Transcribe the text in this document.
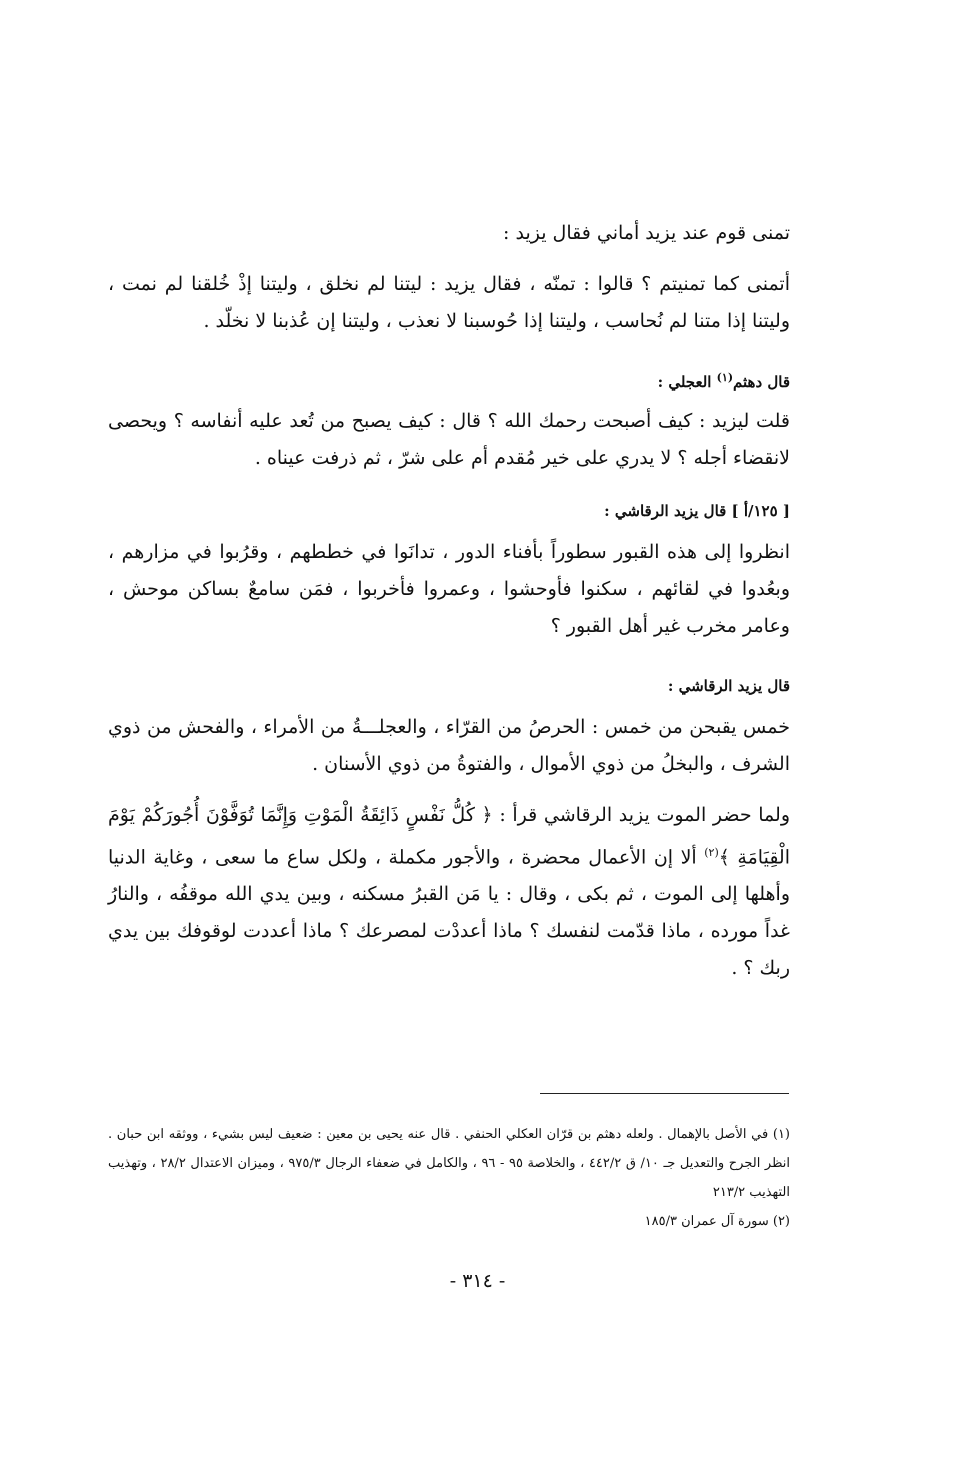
تمنى قوم عند يزيد أماني فقال يزيد :

أتمنى كما تمنيتم ؟ قالوا : تمنّه ، فقال يزيد : ليتنا لم نخلق ، وليتنا إذْ خُلقنا لم نمت ، وليتنا إذا متنا لم نُحاسب ، وليتنا إذا حُوسبنا لا نعذب ، وليتنا إن عُذبنا لا نخلّد .

قال دهثم$^{(١)}$ العجلي :

قلت ليزيد : كيف أصبحت رحمك الله ؟ قال : كيف يصبح من تُعد عليه أنفاسه ؟ ويحصى لانقضاء أجله ؟ لا يدري على خير مُقدم أم على شرّ ، ثم ذرفت عيناه .

[ ١٢٥/أ ] قال يزيد الرقاشي :

انظروا إلى هذه القبور سطوراً بأفناء الدور ، تدانَوا في خططهم ، وقرُبوا في مزارهم ، وبعُدوا في لقائهم ، سكنوا فأوحشوا ، وعمروا فأخربوا ، فمَن سامعٌ بساكن موحش ، وعامر مخرب غير أهل القبور ؟

قال يزيد الرقاشي :

خمس يقبحن من خمس : الحرصُ من القرّاء ، والعجلـــةُ من الأمراء ، والفحش من ذوي الشرف ، والبخلُ من ذوي الأموال ، والفتوةُ من ذوي الأسنان .

ولما حضر الموت يزيد الرقاشي قرأ : ﴿ كُلُّ نَفْسٍ ذَائِقَةُ الْمَوْتِ وَإِنَّمَا تُوَفَّوْنَ أُجُورَكُمْ يَوْمَ الْقِيَامَةِ ﴾$^{(٢)}$ ألا إن الأعمال محضرة ، والأجور مكملة ، ولكل ساع ما سعى ، وغاية الدنيا وأهلها إلى الموت ، ثم بكى ، وقال : يا مَن القبرُ مسكنه ، وبين يدي الله موقفُه ، والنارُ غداً مورده ، ماذا قدّمت لنفسك ؟ ماذا أعددْت لمصرعك ؟ ماذا أعددت لوقوفك بين يدي ربك ؟ .

(١) في الأصل بالإهمال . ولعله دهثم بن قرّان العكلي الحنفي . قال عنه يحيى بن معين : ضعيف ليس بشيء ، ووثقه ابن حبان . انظر الجرح والتعديل جـ ١٠/ ق ٤٤٢/٢ ، والخلاصة ٩٥ - ٩٦ ، والكامل في ضعفاء الرجال ٩٧٥/٣ ، وميزان الاعتدال ٢٨/٢ ، وتهذيب التهذيب ٢١٣/٢

(٢) سورة آل عمران ١٨٥/٣

- ٣١٤ -
